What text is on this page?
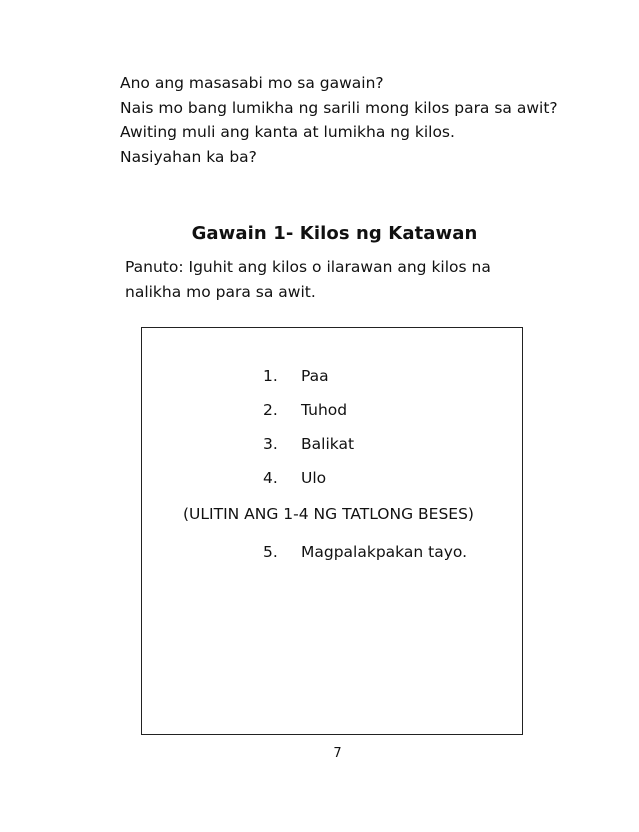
Ano ang masasabi mo sa gawain?

Nais mo bang lumikha ng sarili mong kilos para sa awit?

Awiting muli ang kanta at lumikha ng kilos.

Nasiyahan ka ba?

Gawain 1- Kilos ng Katawan
Panuto: Iguhit ang kilos o ilarawan ang kilos na nalikha mo para sa awit.
1. Paa
2. Tuhod
3. Balikat
4. Ulo
(ULITIN ANG 1-4 NG TATLONG BESES)
5. Magpalakpakan tayo.
7
